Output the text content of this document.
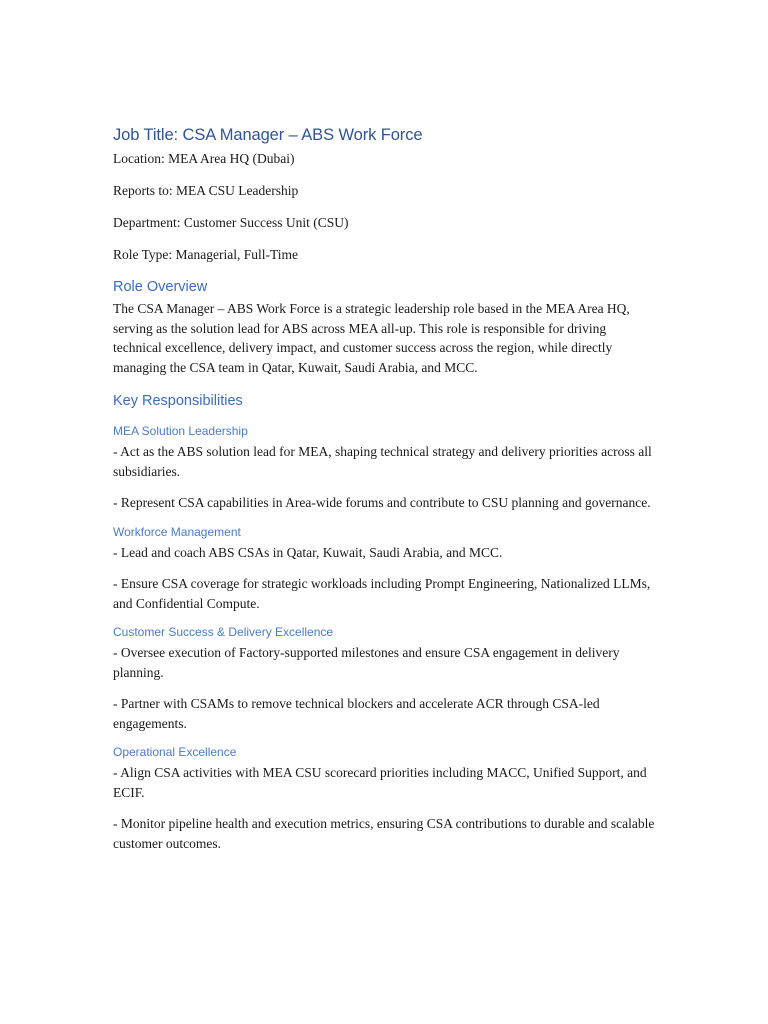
Job Title: CSA Manager – ABS Work Force

Location: MEA Area HQ (Dubai)

Reports to: MEA CSU Leadership

Department: Customer Success Unit (CSU)

Role Type: Managerial, Full-Time

Role Overview

The CSA Manager – ABS Work Force is a strategic leadership role based in the MEA Area HQ, serving as the solution lead for ABS across MEA all-up. This role is responsible for driving technical excellence, delivery impact, and customer success across the region, while directly managing the CSA team in Qatar, Kuwait, Saudi Arabia, and MCC.

Key Responsibilities
MEA Solution Leadership

- Act as the ABS solution lead for MEA, shaping technical strategy and delivery priorities across all subsidiaries.

- Represent CSA capabilities in Area-wide forums and contribute to CSU planning and governance.

Workforce Management

- Lead and coach ABS CSAs in Qatar, Kuwait, Saudi Arabia, and MCC.

- Ensure CSA coverage for strategic workloads including Prompt Engineering, Nationalized LLMs, and Confidential Compute.

Customer Success & Delivery Excellence

- Oversee execution of Factory-supported milestones and ensure CSA engagement in delivery planning.

- Partner with CSAMs to remove technical blockers and accelerate ACR through CSA-led engagements.

Operational Excellence

- Align CSA activities with MEA CSU scorecard priorities including MACC, Unified Support, and ECIF.

- Monitor pipeline health and execution metrics, ensuring CSA contributions to durable and scalable customer outcomes.
